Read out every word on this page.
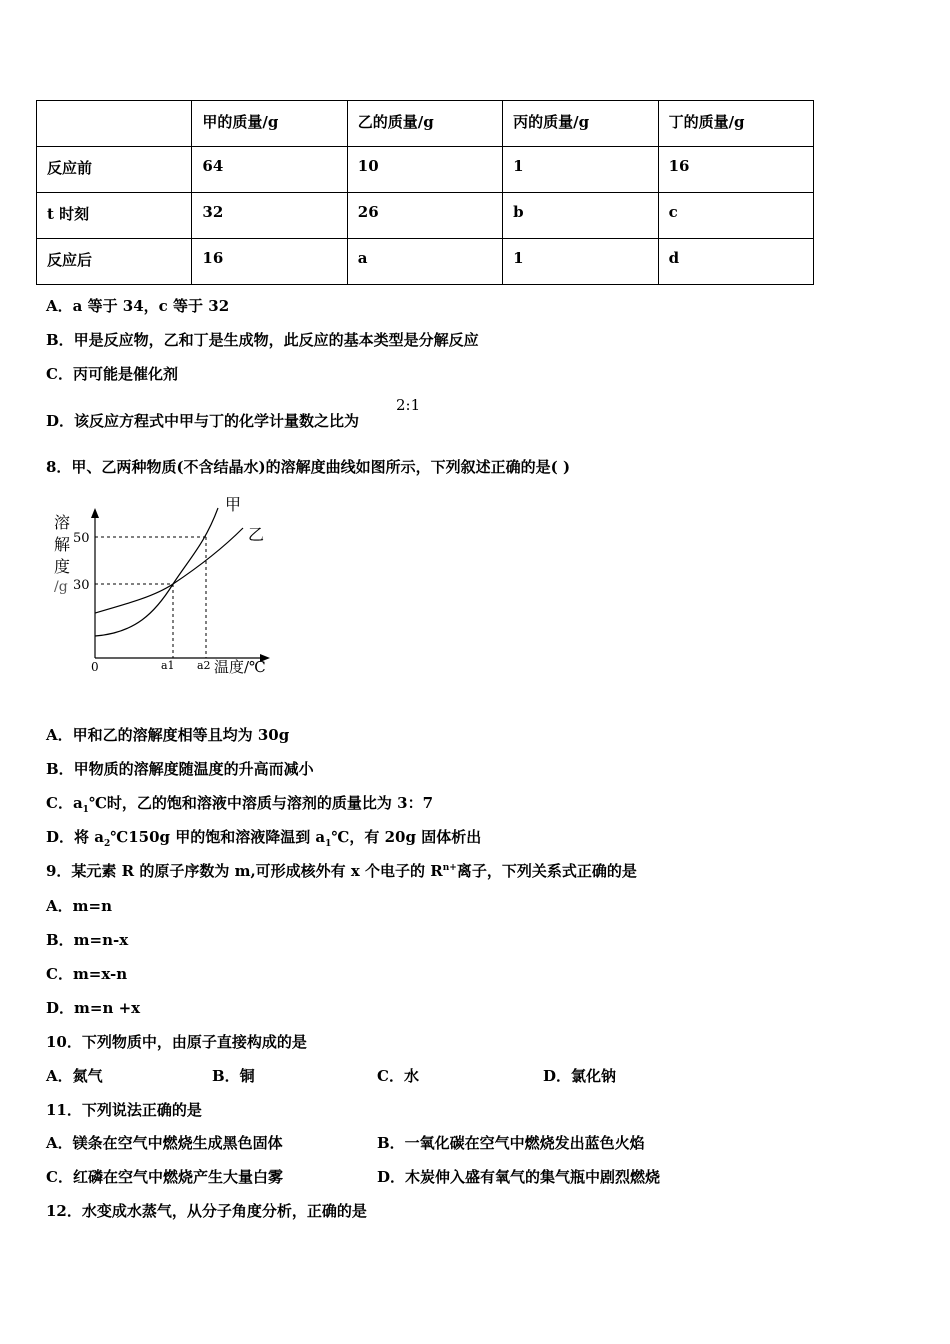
	甲的质量/g	乙的质量/g	丙的质量/g	丁的质量/g
反应前	64	10	1	16
t 时刻	32	26	b	c
反应后	16	a	1	d
A．a 等于 34，c 等于 32
B．甲是反应物，乙和丁是生成物，此反应的基本类型是分解反应
C．丙可能是催化剂
D．该反应方程式中甲与丁的化学计量数之比为
2:1
8．甲、乙两种物质(不含结晶水)的溶解度曲线如图所示，下列叙述正确的是( )
溶
解
度
/g
50
30
0	a1 a2 温度/℃
甲
乙
A．甲和乙的溶解度相等且均为 30g
B．甲物质的溶解度随温度的升高而减小
C．$a_1℃$时，乙的饱和溶液中溶质与溶剂的质量比为 3：7
D．将 $a_2℃150g$ 甲的饱和溶液降温到 $a_1℃$，有 20g 固体析出
9．某元素 R 的原子序数为 m,可形成核外有 x 个电子的 $R^{n+}$离子，下列关系式正确的是
A．m=n
B．m=n-x
C．m=x-n
D．m=n +x
10．下列物质中，由原子直接构成的是
A．氮气	B．铜	C．水	D．氯化钠
11．下列说法正确的是
A．镁条在空气中燃烧生成黑色固体	B．一氧化碳在空气中燃烧发出蓝色火焰
C．红磷在空气中燃烧产生大量白雾	D．木炭伸入盛有氧气的集气瓶中剧烈燃烧
12．水变成水蒸气，从分子角度分析，正确的是
